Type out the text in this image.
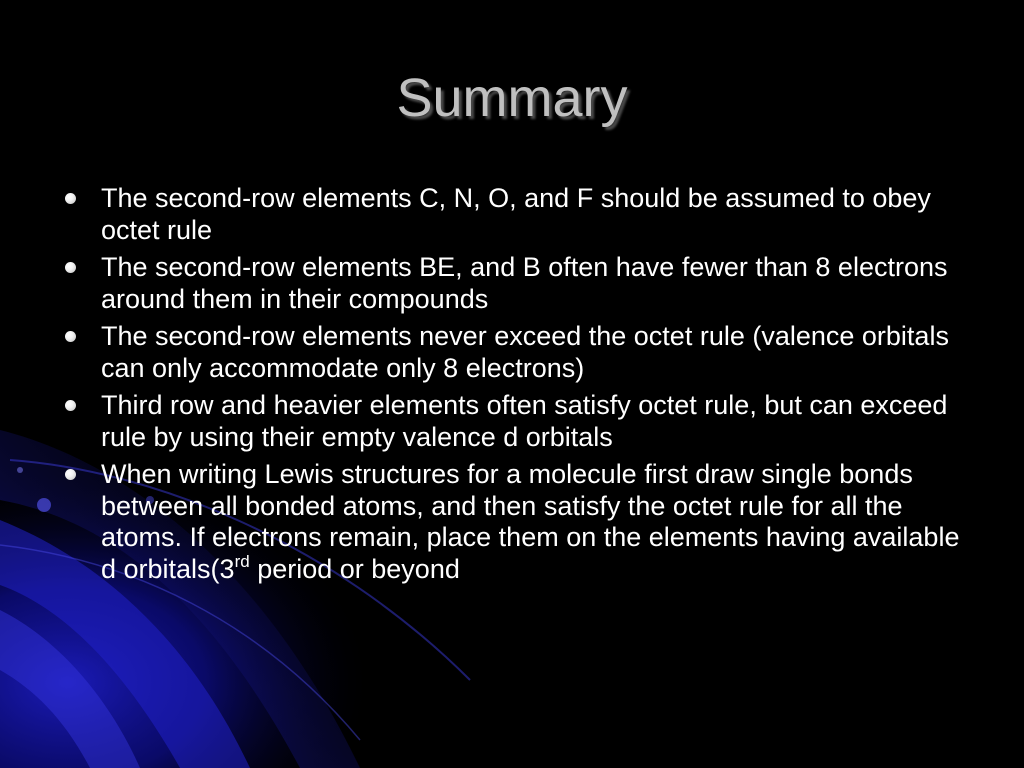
Summary
The second-row elements C, N, O, and F should be assumed to obey octet rule
The second-row elements BE, and B often have fewer than 8 electrons around them in their compounds
The second-row elements never exceed the octet rule (valence orbitals can only accommodate only 8 electrons)
Third row and heavier elements often satisfy octet rule, but can exceed rule by using their empty valence d orbitals
When writing Lewis structures for a molecule first draw single bonds between all bonded atoms, and then satisfy the octet rule for all the atoms. If electrons remain, place them on the elements having available d orbitals(3rd period or beyond
